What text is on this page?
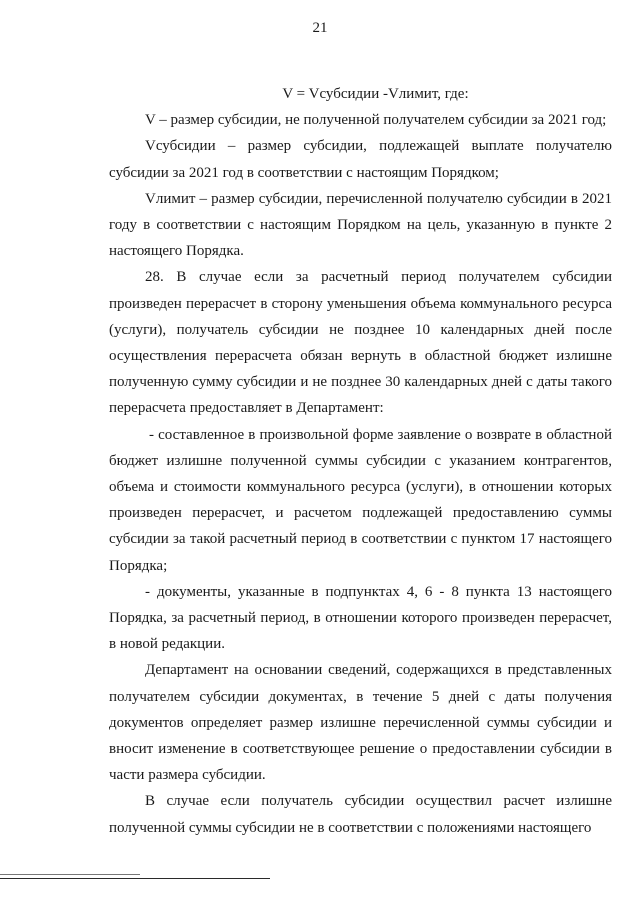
21

V = Vсубсидии -Vлимит, где:

V – размер субсидии, не полученной получателем субсидии за 2021 год;

Vсубсидии – размер субсидии, подлежащей выплате получателю субсидии за 2021 год в соответствии с настоящим Порядком;

Vлимит – размер субсидии, перечисленной получателю субсидии в 2021 году в соответствии с настоящим Порядком на цель, указанную в пункте 2 настоящего Порядка.

28. В случае если за расчетный период получателем субсидии произведен перерасчет в сторону уменьшения объема коммунального ресурса (услуги), получатель субсидии не позднее 10 календарных дней после осуществления перерасчета обязан вернуть в областной бюджет излишне полученную сумму субсидии и не позднее 30 календарных дней с даты такого перерасчета предоставляет в Департамент:

- составленное в произвольной форме заявление о возврате в областной бюджет излишне полученной суммы субсидии с указанием контрагентов, объема и стоимости коммунального ресурса (услуги), в отношении которых произведен перерасчет, и расчетом подлежащей предоставлению суммы субсидии за такой расчетный период в соответствии с пунктом 17 настоящего Порядка;

- документы, указанные в подпунктах 4, 6 - 8 пункта 13 настоящего Порядка, за расчетный период, в отношении которого произведен перерасчет, в новой редакции.

Департамент на основании сведений, содержащихся в представленных получателем субсидии документах, в течение 5 дней с даты получения документов определяет размер излишне перечисленной суммы субсидии и вносит изменение в соответствующее решение о предоставлении субсидии в части размера субсидии.

В случае если получатель субсидии осуществил расчет излишне полученной суммы субсидии не в соответствии с положениями настоящего
